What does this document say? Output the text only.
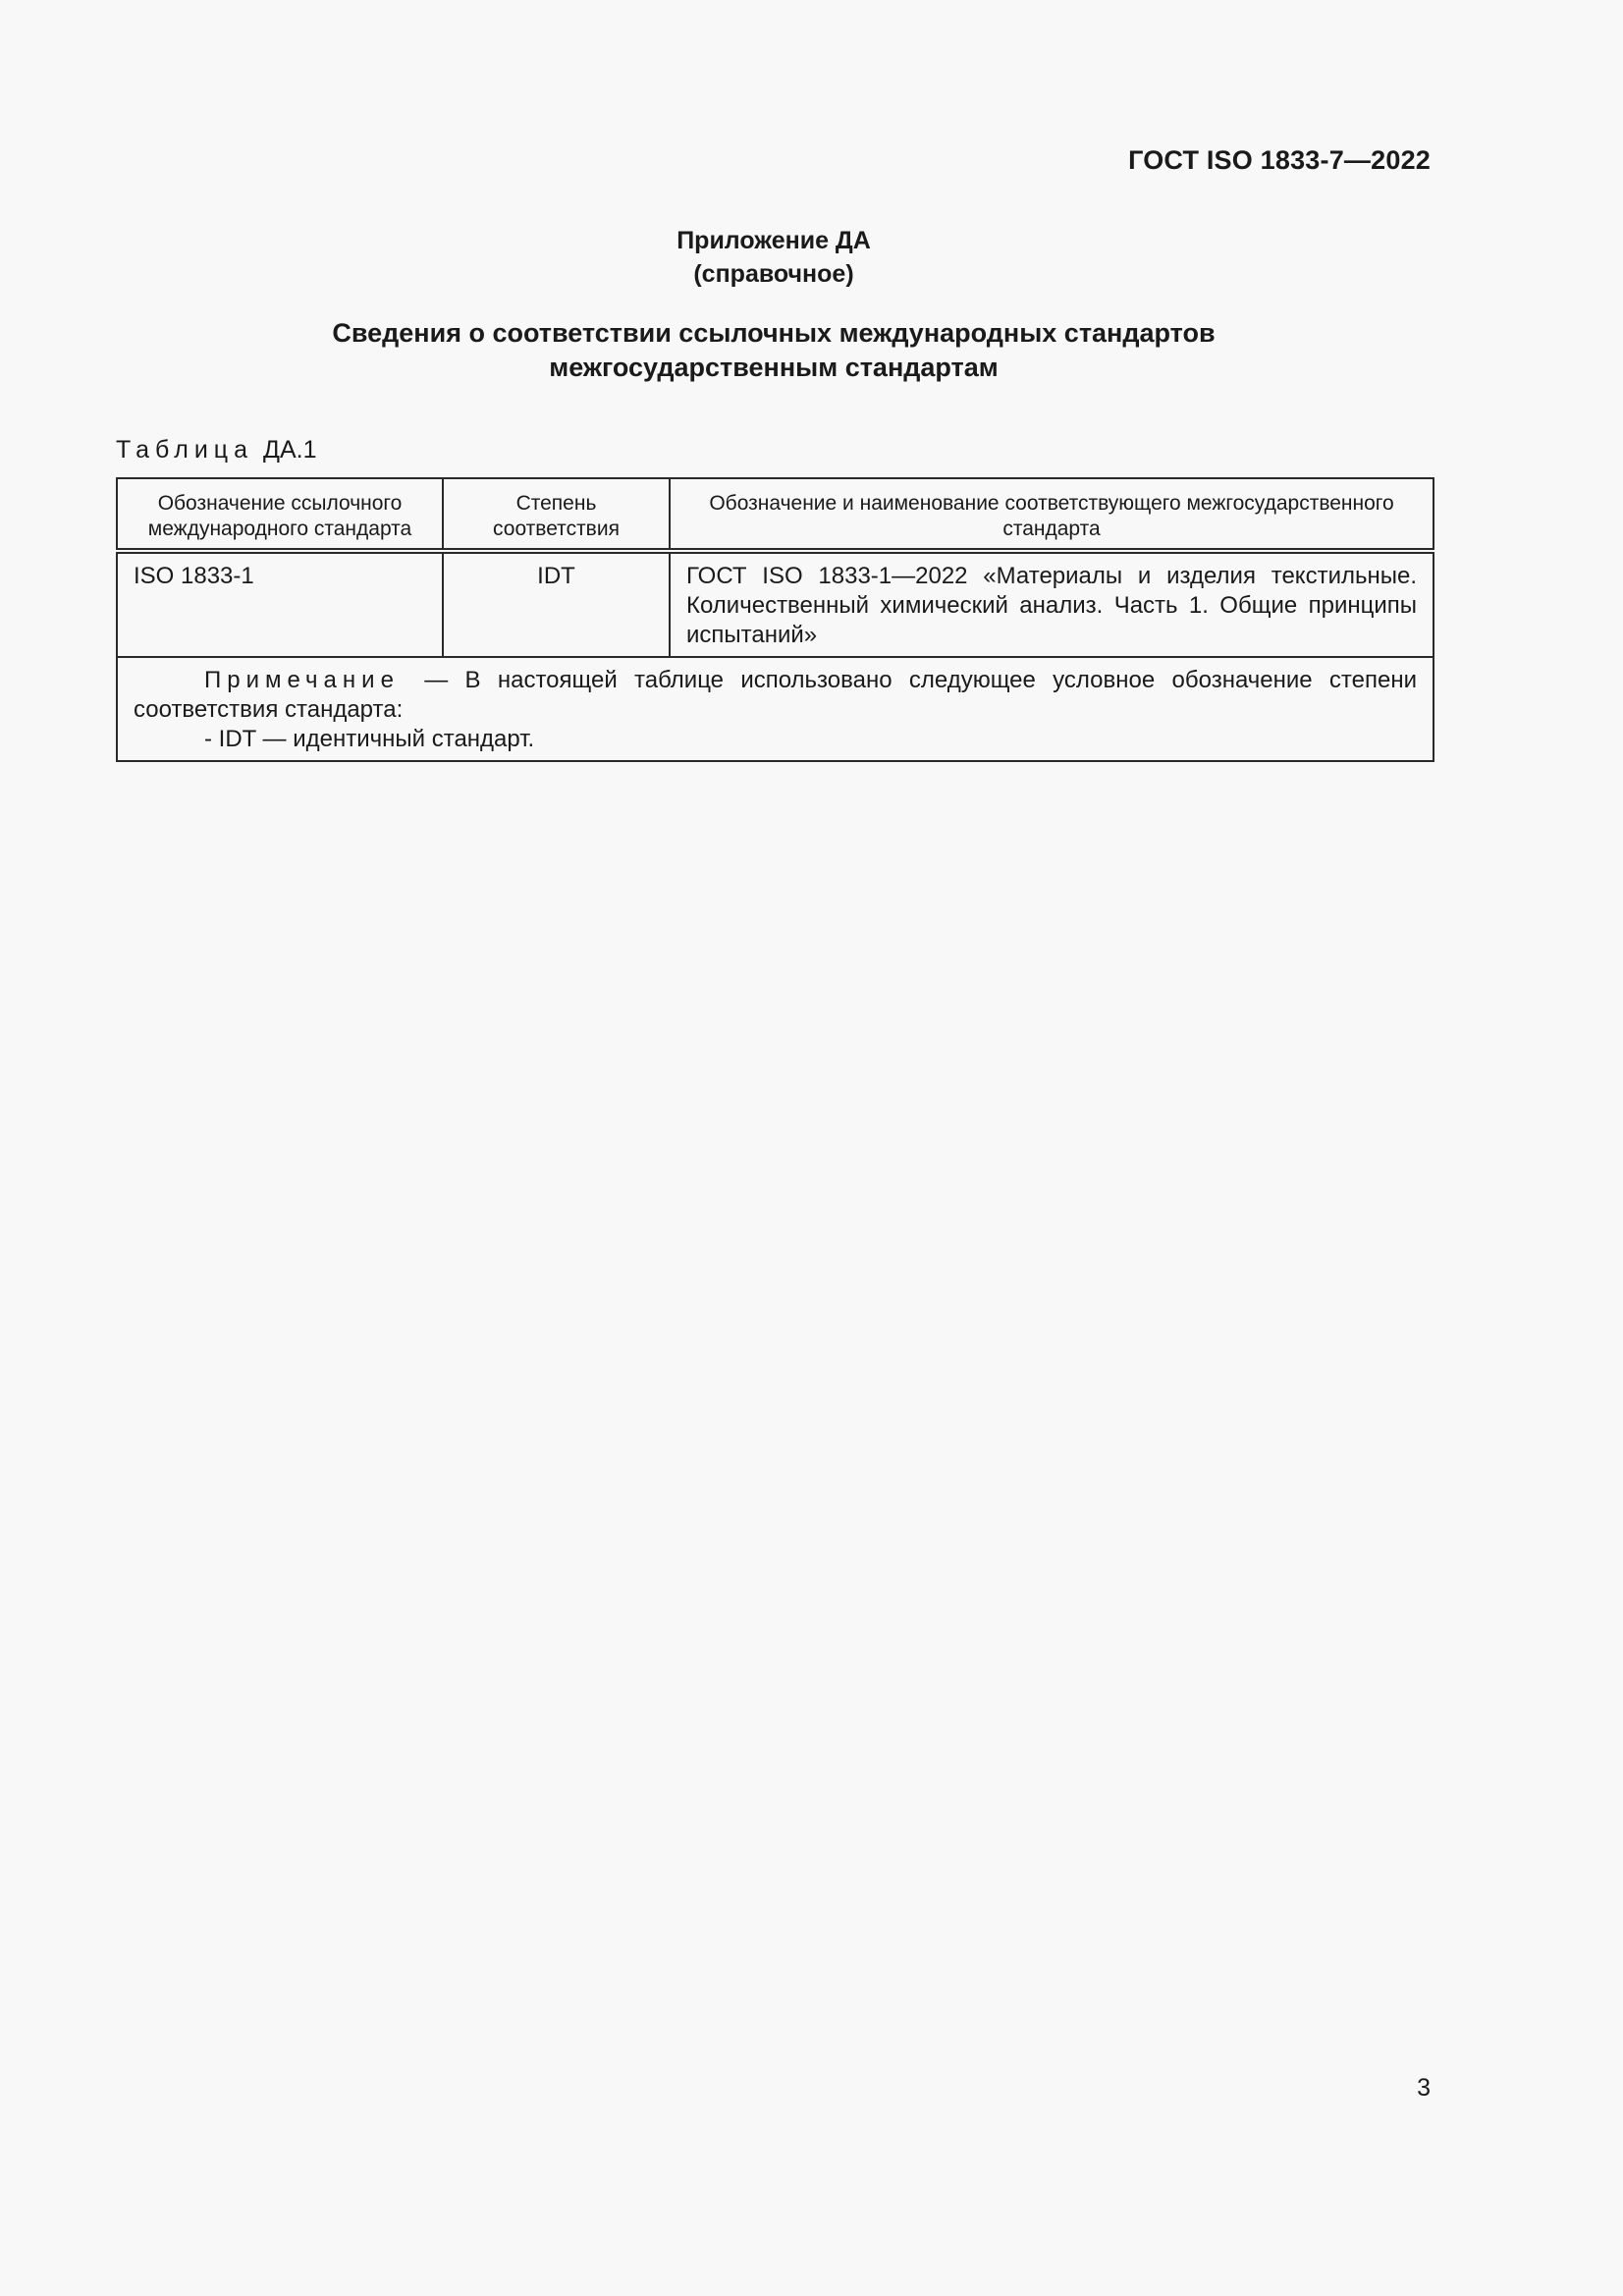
ГОСТ ISO 1833-7—2022
Приложение ДА
(справочное)
Сведения о соответствии ссылочных международных стандартов
межгосударственным стандартам
Таблица ДА.1
Обозначение ссылочного международного стандарта	Степень соответствия	Обозначение и наименование соответствующего межгосударственного стандарта
ISO 1833-1	IDT	ГОСТ ISO 1833-1—2022 «Материалы и изделия текстильные. Количественный химический анализ. Часть 1. Общие принципы испытаний»

Примечание — В настоящей таблице использовано следующее условное обозначение степени соответствия стандарта:
- IDT — идентичный стандарт.		
3
